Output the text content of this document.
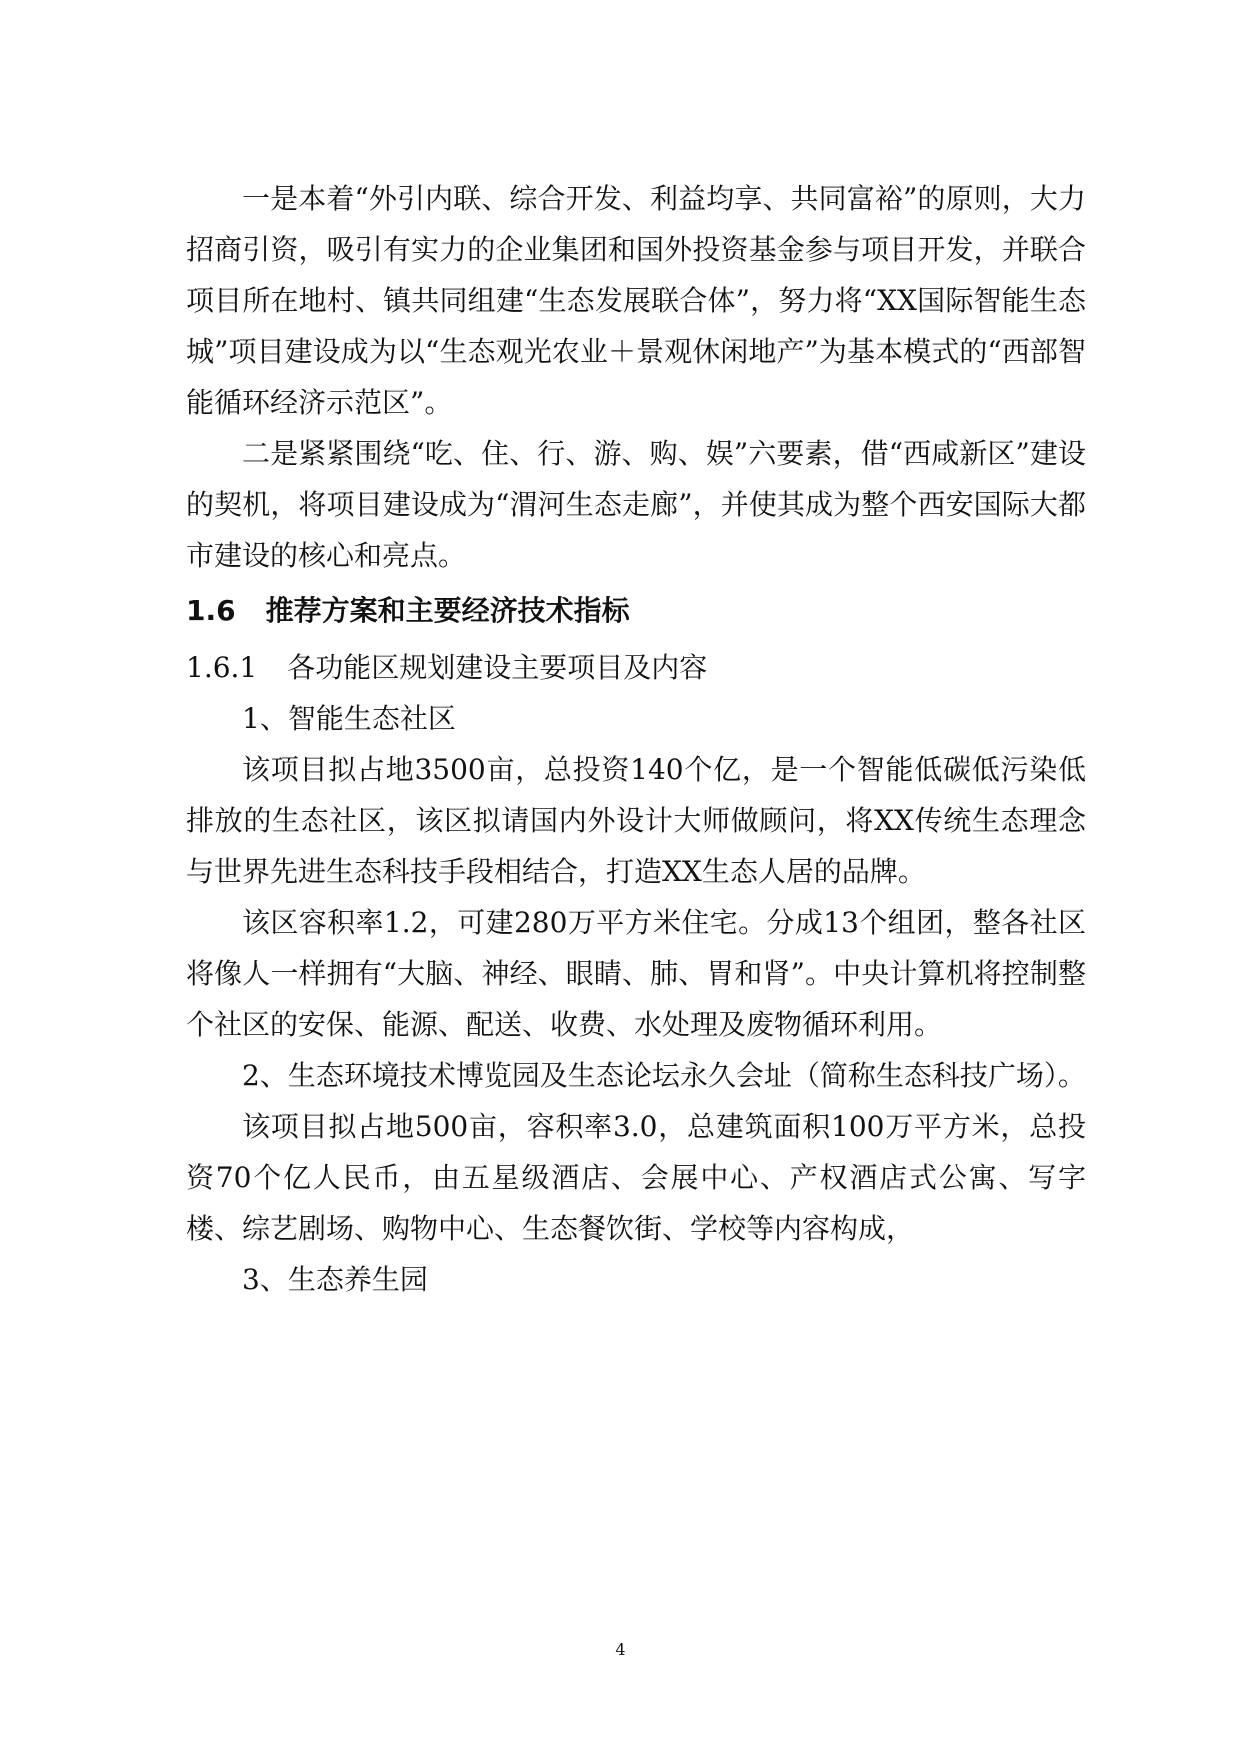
一是本着“外引内联、综合开发、利益均享、共同富裕”的原则，大力招商引资，吸引有实力的企业集团和国外投资基金参与项目开发，并联合项目所在地村、镇共同组建“生态发展联合体”，努力将“XX国际智能生态城”项目建设成为以“生态观光农业＋景观休闲地产”为基本模式的“西部智能循环经济示范区”。

二是紧紧围绕“吃、住、行、游、购、娱”六要素，借“西咸新区”建设的契机，将项目建设成为“渭河生态走廊”，并使其成为整个西安国际大都市建设的核心和亮点。

1.6 推荐方案和主要经济技术指标
1.6.1 各功能区规划建设主要项目及内容

1、智能生态社区

该项目拟占地3500亩，总投资140个亿，是一个智能低碳低污染低排放的生态社区，该区拟请国内外设计大师做顾问，将XX传统生态理念与世界先进生态科技手段相结合，打造XX生态人居的品牌。

该区容积率1.2，可建280万平方米住宅。分成13个组团，整各社区将像人一样拥有“大脑、神经、眼睛、肺、胃和肾”。中央计算机将控制整个社区的安保、能源、配送、收费、水处理及废物循环利用。

2、生态环境技术博览园及生态论坛永久会址（简称生态科技广场）。

该项目拟占地500亩，容积率3.0，总建筑面积100万平方米，总投资70个亿人民币，由五星级酒店、会展中心、产权酒店式公寓、写字楼、综艺剧场、购物中心、生态餐饮街、学校等内容构成，

3、生态养生园

4
